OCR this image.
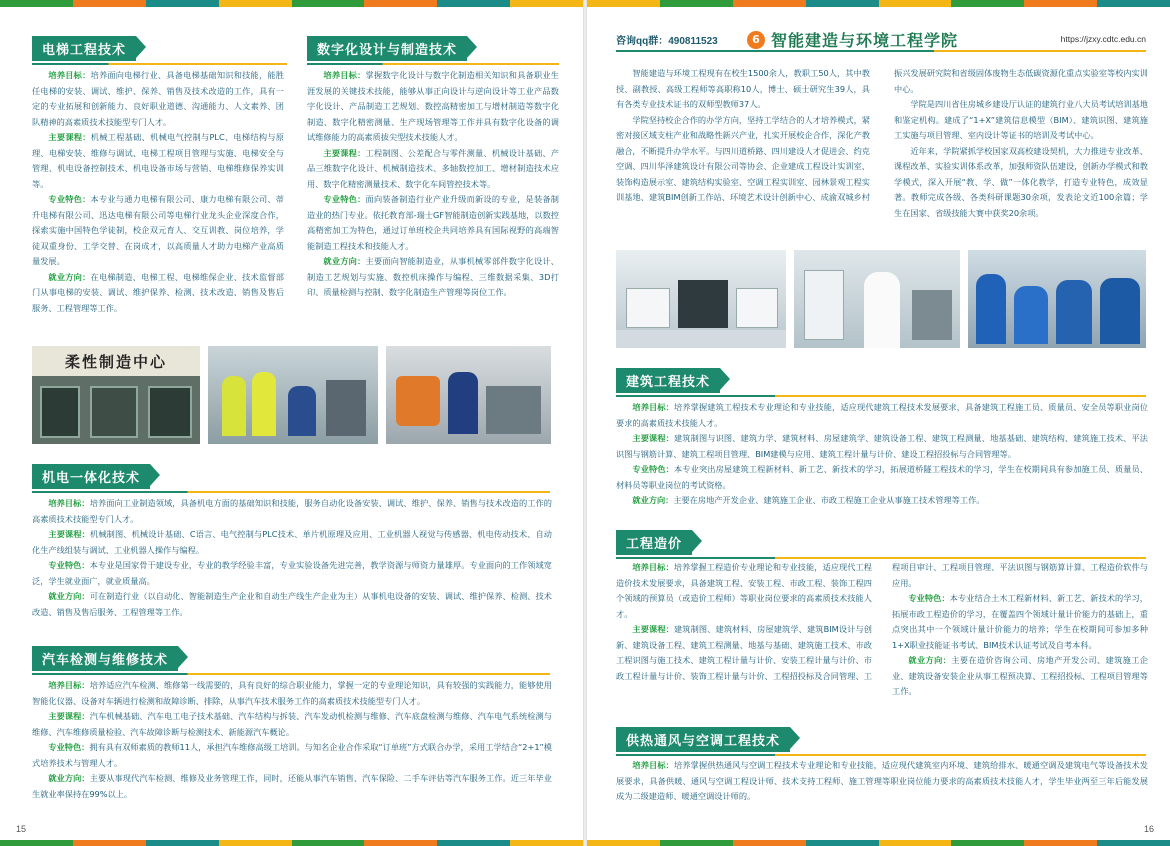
电梯工程技术

培养目标：培养面向电梯行业、具备电梯基础知识和技能，能胜任电梯的安装、调试、维护、保养、销售及技术改造的工作，具有一定的专业拓展和创新能力、良好职业道德、沟通能力、人文素养、团队精神的高素质技术技能型专门人才。

主要课程：机械工程基础、机械电气控制与PLC、电梯结构与原理、电梯安装、维修与调试、电梯工程项目管理与实施、电梯安全与管理、机电设备控制技术、机电设备市场与营销、电梯维修保养实训等。

专业特色：本专业与通力电梯有限公司、康力电梯有限公司、蒂升电梯有限公司、迅达电梯有限公司等电梯行业龙头企业深度合作，探索实施中国特色学徒制，校企双元育人、交互训教、岗位培养，学徒双重身份、工学交替、在岗成才，以高质量人才助力电梯产业高质量发展。

就业方向：在电梯制造、电梯工程、电梯维保企业、技术监督部门从事电梯的安装、调试、维护保养、检测、技术改造、销售及售后服务、工程管理等工作。

数字化设计与制造技术

培养目标：掌握数字化设计与数字化制造相关知识和具备职业生涯发展的关键技术技能，能够从事正向设计与逆向设计等工业产品数字化设计、产品制造工艺规划、数控高精密加工与增材制造等数字化制造、数字化精密测量、生产现场管理等工作并具有数字化设备的调试维修能力的高素质拔尖型技术技能人才。

主要课程：工程制图、公差配合与零件测量、机械设计基础、产品三维数字化设计、机械制造技术、多轴数控加工、增材制造技术应用、数字化精密测量技术、数字化车间管控技术等。

专业特色：面向装备制造行业产业升级而新设的专业，是装备制造业的热门专业。依托教育部-瑞士GF智能制造创新实践基地，以数控高精密加工为特色，通过订单班校企共同培养具有国际视野的高端智能制造工程技术和技能人才。

就业方向：主要面向智能制造业，从事机械零部件数字化设计、制造工艺规划与实施、数控机床操作与编程、三维数据采集、3D打印、质量检测与控制、数字化制造生产管理等岗位工作。

柔性制造中心
机电一体化技术

培养目标：培养面向工业制造领域，具备机电方面的基础知识和技能，服务自动化设备安装、调试、维护、保养、销售与技术改造的工作的高素质技术技能型专门人才。

主要课程：机械制图、机械设计基础、C语言、电气控制与PLC技术、单片机原理及应用、工业机器人视觉与传感器、机电传动技术、自动化生产线组装与调试、工业机器人操作与编程。

专业特色：本专业是国家骨干建设专业，专业的教学经验丰富，专业实验设备先进完善，教学资源与师资力量雄厚。专业面向的工作领域宽泛，学生就业面广，就业质量高。

就业方向：可在制造行业（以自动化、智能制造生产企业和自动生产线生产企业为主）从事机电设备的安装、调试、维护保养、检测、技术改造、销售及售后服务、工程管理等工作。

汽车检测与维修技术

培养目标：培养适应汽车检测、维修第一线需要的，具有良好的综合职业能力，掌握一定的专业理论知识，具有较强的实践能力，能够使用智能化仪器、设备对车辆进行检测和故障诊断、排除，从事汽车技术服务工作的高素质技术技能型专门人才。

主要课程：汽车机械基础、汽车电工电子技术基础、汽车结构与拆装、汽车发动机检测与维修、汽车底盘检测与维修、汽车电气系统检测与维修、汽车维修质量检验、汽车故障诊断与检测技术、新能源汽车概论。

专业特色：拥有具有双师素质的教师11人，承担汽车维修高级工培训。与知名企业合作采取“订单班”方式联合办学，采用工学结合“2+1”模式培养技术与管理人才。

就业方向：主要从事现代汽车检测、维修及业务管理工作，同时，还能从事汽车销售、汽车保险、二手车评估等汽车服务工作。近三年毕业生就业率保持在99%以上。

15
咨询qq群：490811523	6 智能建造与环境工程学院	https://jzxy.cdtc.edu.cn

智能建造与环境工程现有在校生1500余人，教职工50人，其中教授、副教授、高级工程师等高职称10人，博士、硕士研究生39人，具有各类专业技术证书的双师型教师37人。

学院坚持校企合作的办学方向，坚持工学结合的人才培养模式，紧密对接区域支柱产业和战略性新兴产业，扎实开展校企合作，深化产教融合，不断提升办学水平。与四川道桥路、四川建设人才促进会、约克空调、四川华泽建筑设计有限公司等协会、企业建成工程设计实训室、装饰构造展示室、建筑结构实验室、空调工程实训室、园林景观工程实训基地、建筑BIM创新工作站、环境艺术设计创新中心、成渝双城乡村振兴发展研究院和省级固体废物生态低碳资源化重点实验室等校内实训中心。

学院是四川省住房城乡建设厅认证的建筑行业八大员考试培训基地和鉴定机构。建成了“1+X”建筑信息模型（BIM）、建筑识图、建筑施工实施与项目管理、室内设计等证书的培训及考试中心。

近年来，学院紧抓学校国家双高校建设契机，大力推进专业改革、课程改革、实验实训体系改革，加强师资队伍建设，创新办学模式和教学模式，深入开展“教、学、做”一体化教学，打造专业特色，成效显著。教师完成各级、各类科研课题30余项，发表论文近100余篇；学生在国家、省级技能大赛中获奖20余项。

建筑工程技术

培养目标：培养掌握建筑工程技术专业理论和专业技能，适应现代建筑工程技术发展要求，具备建筑工程施工员、质量员、安全员等职业岗位要求的高素质技术技能人才。

主要课程：建筑制图与识图、建筑力学、建筑材料、房屋建筑学、建筑设备工程、建筑工程测量、地基基础、建筑结构、建筑施工技术、平法识图与钢筋计算、建筑工程项目管理、BIM建模与应用、建筑工程计量与计价、建设工程招投标与合同管理等。

专业特色：本专业突出房屋建筑工程新材料、新工艺、新技术的学习，拓展道桥隧工程技术的学习，学生在校期间具有参加施工员、质量员、材料员等职业岗位的考试资格。

就业方向：主要在房地产开发企业、建筑施工企业、市政工程施工企业从事施工技术管理等工作。

工程造价

培养目标：培养掌握工程造价专业理论和专业技能，适应现代工程造价技术发展要求，具备建筑工程、安装工程、市政工程、装饰工程四个领域的预算员（或造价工程师）等职业岗位要求的高素质技术技能人才。

主要课程：建筑制图、建筑材料、房屋建筑学、建筑BIM设计与创新、建筑设备工程、建筑工程测量、地基与基础、建筑施工技术、市政工程识图与施工技术、建筑工程计量与计价、安装工程计量与计价、市政工程计量与计价、装饰工程计量与计价、工程招投标及合同管理、工程项目审计、工程项目管理、平法识图与钢筋算计算、工程造价软件与应用。

专业特色：本专业结合土木工程新材料、新工艺、新技术的学习，拓展市政工程造价的学习，在覆盖四个领域计量计价能力的基础上，重点突出其中一个领域计量计价能力的培养；学生在校期间可参加多种1+X职业技能证书考试、BIM技术认证考试及自考本科。

就业方向：主要在造价咨询公司、房地产开发公司、建筑施工企业、建筑设备安装企业从事工程预决算、工程招投标、工程项目管理等工作。

供热通风与空调工程技术

培养目标：培养掌握供热通风与空调工程技术专业理论和专业技能，适应现代建筑室内环境、建筑给排水、暖通空调及建筑电气等设备技术发展要求，具备供暖、通风与空调工程设计师、技术支持工程师、施工管理等职业岗位能力要求的高素质技术技能人才，学生毕业两至三年后能发展成为二级建造师、暖通空调设计师的。

16
